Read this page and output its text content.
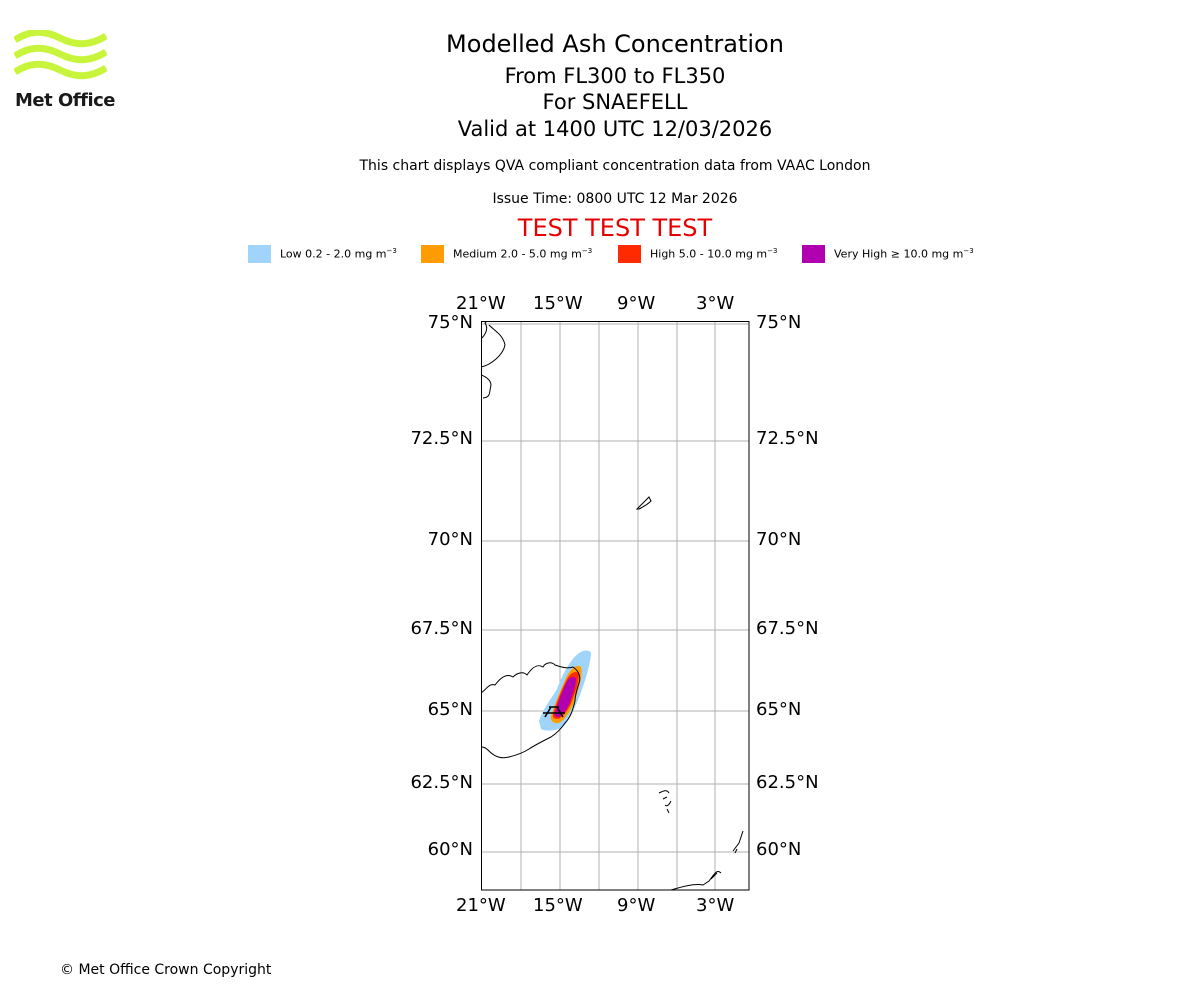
Met Office
Modelled Ash Concentration
From FL300 to FL350
For SNAEFELL
Valid at 1400 UTC 12/03/2026
This chart displays QVA compliant concentration data from VAAC London
Issue Time: 0800 UTC 12 Mar 2026
TEST TEST TEST
Low 0.2 - 2.0 mg $m^{-3}$	Medium 2.0 - 5.0 mg $m^{-3}$	High 5.0 - 10.0 mg $m^{-3}$	Very High ≥ 10.0 mg $m^{-3}$
21°W 15°W 9°W 3°W
21°W 15°W 9°W 3°W
75°N
72.5°N
70°N
67.5°N
65°N
62.5°N
60°N
75°N
72.5°N
70°N
67.5°N
65°N
62.5°N
60°N
© Met Office Crown Copyright
